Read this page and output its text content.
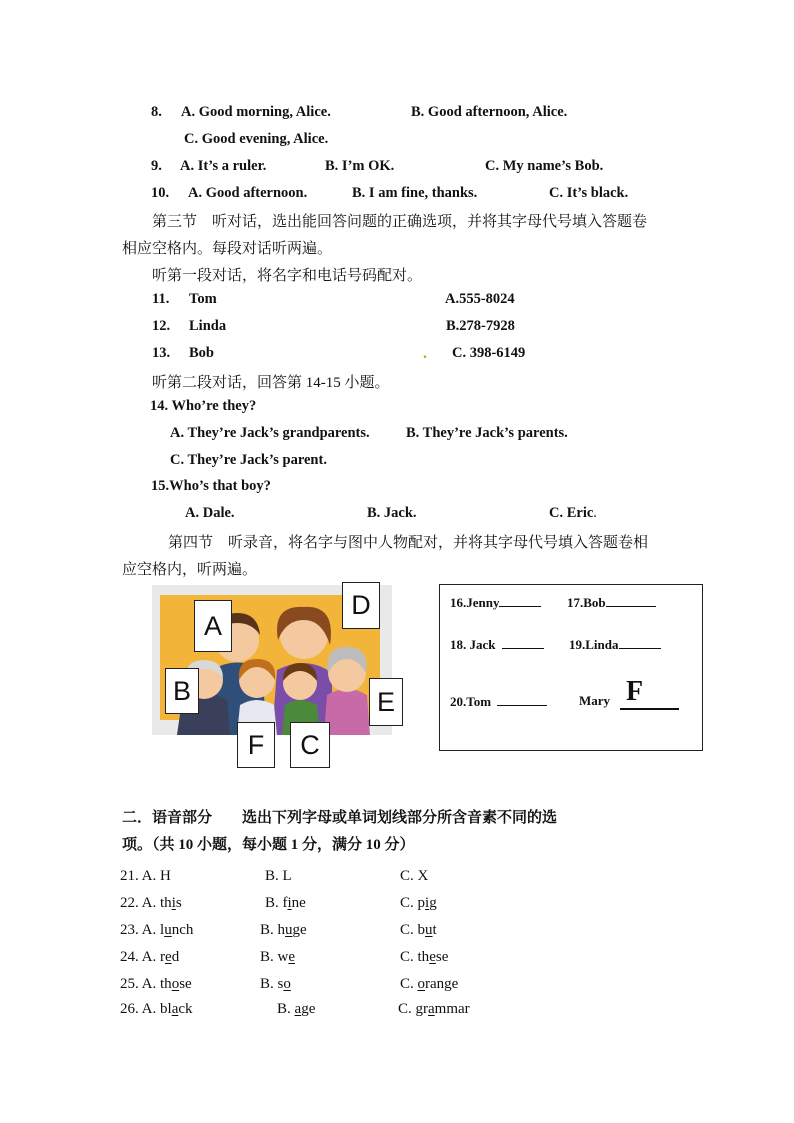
8. A. Good morning, Alice.	B. Good afternoon, Alice.
C. Good evening, Alice.
9. A. It’s a ruler.	B. I’m OK.	C. My name’s Bob.
10. A. Good afternoon.	B. I am fine, thanks.	C. It’s black.
第三节　听对话，选出能回答问题的正确选项，并将其字母代号填入答题卷
相应空格内。每段对话听两遍。
听第一段对话，将名字和电话号码配对。
11. Tom	A.555-8024
12. Linda	B.278-7928
13. Bob	. C. 398-6149
听第二段对话，回答第 14-15 小题。
14. Who’re they?
A. They’re Jack’s grandparents.	B. They’re Jack’s parents.
C. They’re Jack’s parent.
15.Who’s that boy?
A. Dale.	B. Jack.	C. Eric.
第四节　听录音，将名字与图中人物配对，并将其字母代号填入答题卷相
应空格内，听两遍。
A
D
B	E
F	C
16.Jenny	17.Bob
18. Jack	19.Linda
20.Tom	Mary F
二．语音部分　　选出下列字母或单词划线部分所含音素不同的选
项。（共 10 小题，每小题 1 分，满分 10 分）
21. A. H	B. L	C. X
22. A. this	B. fine	C. pig
23. A. lunch	B. huge	C. but
24. A. red	B. we	C. these
25. A. those	B. so	C. orange
26. A. black	B. age	C. grammar
